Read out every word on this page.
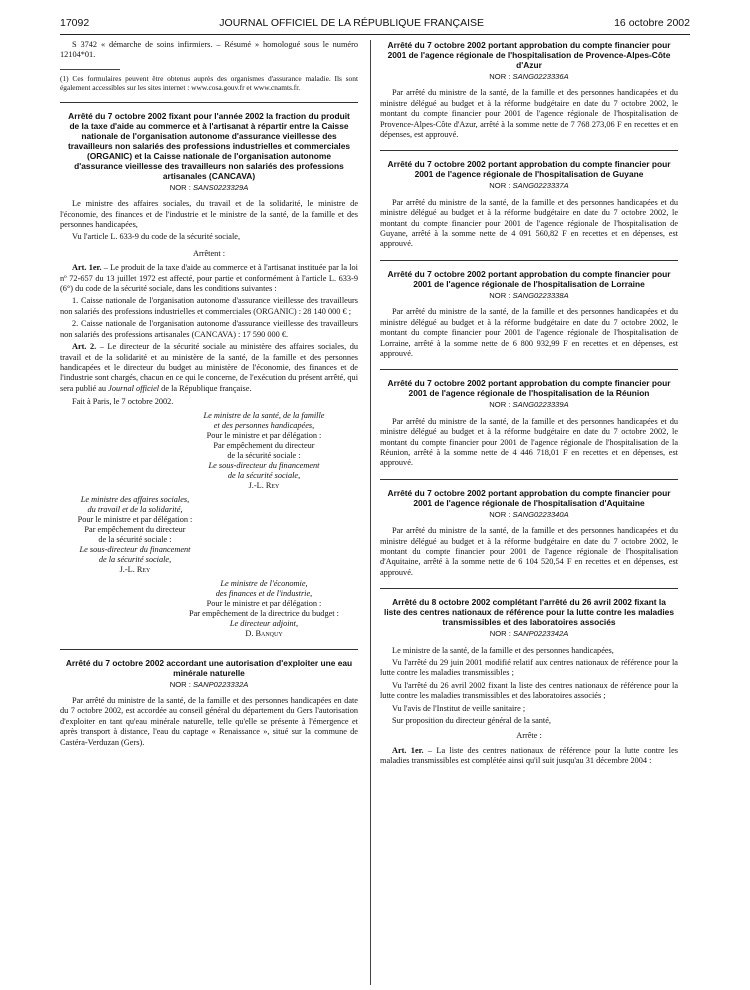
17092	JOURNAL OFFICIEL DE LA RÉPUBLIQUE FRANÇAISE	16 octobre 2002

S 3742 « démarche de soins infirmiers. – Résumé » homologué sous le numéro 12104*01.

(1) Ces formulaires peuvent être obtenus auprès des organismes d'assurance maladie. Ils sont également accessibles sur les sites internet : www.cosa.gouv.fr et www.cnamts.fr.
Arrêté du 7 octobre 2002 fixant pour l'année 2002 la fraction du produit de la taxe d'aide au commerce et à l'artisanat à répartir entre la Caisse nationale de l'organisation autonome d'assurance vieillesse des travailleurs non salariés des professions industrielles et commerciales (ORGANIC) et la Caisse nationale de l'organisation autonome d'assurance vieillesse des travailleurs non salariés des professions artisanales (CANCAVA)
NOR : SANS0223329A

Le ministre des affaires sociales, du travail et de la solidarité, le ministre de l'économie, des finances et de l'industrie et le ministre de la santé, de la famille et des personnes handicapées,

Vu l'article L. 633-9 du code de la sécurité sociale,

Arrêtent :

Art. 1er. – Le produit de la taxe d'aide au commerce et à l'artisanat instituée par la loi nº 72-657 du 13 juillet 1972 est affecté, pour partie et conformément à l'article L. 633-9 (6°) du code de la sécurité sociale, dans les conditions suivantes :

1. Caisse nationale de l'organisation autonome d'assurance vieillesse des travailleurs non salariés des professions industrielles et commerciales (ORGANIC) : 28 140 000 € ;

2. Caisse nationale de l'organisation autonome d'assurance vieillesse des travailleurs non salariés des professions artisanales (CANCAVA) : 17 590 000 €.

Art. 2. – Le directeur de la sécurité sociale au ministère des affaires sociales, du travail et de la solidarité et au ministère de la santé, de la famille et des personnes handicapées et le directeur du budget au ministère de l'économie, des finances et de l'industrie sont chargés, chacun en ce qui le concerne, de l'exécution du présent arrêté, qui sera publié au Journal officiel de la République française.

Fait à Paris, le 7 octobre 2002.

Le ministre de la santé, de la famille
et des personnes handicapées,
Pour le ministre et par délégation :
Par empêchement du directeur
de la sécurité sociale :
Le sous-directeur du financement
de la sécurité sociale,
J.-L. Rey
Le ministre des affaires sociales,
du travail et de la solidarité,
Pour le ministre et par délégation :
Par empêchement du directeur
de la sécurité sociale :
Le sous-directeur du financement
de la sécurité sociale,
J.-L. Rey
Le ministre de l'économie,
des finances et de l'industrie,
Pour le ministre et par délégation :
Par empêchement de la directrice du budget :
Le directeur adjoint,
D. Banquy
Arrêté du 7 octobre 2002 accordant une autorisation d'exploiter une eau minérale naturelle
NOR : SANP0223332A

Par arrêté du ministre de la santé, de la famille et des personnes handicapées en date du 7 octobre 2002, est accordée au conseil général du département du Gers l'autorisation d'exploiter en tant qu'eau minérale naturelle, telle qu'elle se présente à l'émergence et après transport à distance, l'eau du captage « Renaissance », situé sur la commune de Castéra-Verduzan (Gers).

Arrêté du 7 octobre 2002 portant approbation du compte financier pour 2001 de l'agence régionale de l'hospitalisation de Provence-Alpes-Côte d'Azur
NOR : SANG0223336A

Par arrêté du ministre de la santé, de la famille et des personnes handicapées et du ministre délégué au budget et à la réforme budgétaire en date du 7 octobre 2002, le montant du compte financier pour 2001 de l'agence régionale de l'hospitalisation de Provence-Alpes-Côte d'Azur, arrêté à la somme nette de 7 768 273,06 F en recettes et en dépenses, est approuvé.

Arrêté du 7 octobre 2002 portant approbation du compte financier pour 2001 de l'agence régionale de l'hospitalisation de Guyane
NOR : SANG0223337A

Par arrêté du ministre de la santé, de la famille et des personnes handicapées et du ministre délégué au budget et à la réforme budgétaire en date du 7 octobre 2002, le montant du compte financier pour 2001 de l'agence régionale de l'hospitalisation de Guyane, arrêté à la somme nette de 4 091 560,82 F en recettes et en dépenses, est approuvé.

Arrêté du 7 octobre 2002 portant approbation du compte financier pour 2001 de l'agence régionale de l'hospitalisation de Lorraine
NOR : SANG0223338A

Par arrêté du ministre de la santé, de la famille et des personnes handicapées et du ministre délégué au budget et à la réforme budgétaire en date du 7 octobre 2002, le montant du compte financier pour 2001 de l'agence régionale de l'hospitalisation de Lorraine, arrêté à la somme nette de 6 800 932,99 F en recettes et en dépenses, est approuvé.

Arrêté du 7 octobre 2002 portant approbation du compte financier pour 2001 de l'agence régionale de l'hospitalisation de la Réunion
NOR : SANG0223339A

Par arrêté du ministre de la santé, de la famille et des personnes handicapées et du ministre délégué au budget et à la réforme budgétaire en date du 7 octobre 2002, le montant du compte financier pour 2001 de l'agence régionale de l'hospitalisation de la Réunion, arrêté à la somme nette de 4 446 718,01 F en recettes et en dépenses, est approuvé.

Arrêté du 7 octobre 2002 portant approbation du compte financier pour 2001 de l'agence régionale de l'hospitalisation d'Aquitaine
NOR : SANG0223340A

Par arrêté du ministre de la santé, de la famille et des personnes handicapées et du ministre délégué au budget et à la réforme budgétaire en date du 7 octobre 2002, le montant du compte financier pour 2001 de l'agence régionale de l'hospitalisation d'Aquitaine, arrêté à la somme nette de 6 104 520,54 F en recettes et en dépenses, est approuvé.

Arrêté du 8 octobre 2002 complétant l'arrêté du 26 avril 2002 fixant la liste des centres nationaux de référence pour la lutte contre les maladies transmissibles et des laboratoires associés
NOR : SANP0223342A

Le ministre de la santé, de la famille et des personnes handicapées,

Vu l'arrêté du 29 juin 2001 modifié relatif aux centres nationaux de référence pour la lutte contre les maladies transmissibles ;

Vu l'arrêté du 26 avril 2002 fixant la liste des centres nationaux de référence pour la lutte contre les maladies transmissibles et des laboratoires associés ;

Vu l'avis de l'Institut de veille sanitaire ;

Sur proposition du directeur général de la santé,

Arrête :

Art. 1er. – La liste des centres nationaux de référence pour la lutte contre les maladies transmissibles est complétée ainsi qu'il suit jusqu'au 31 décembre 2004 :
